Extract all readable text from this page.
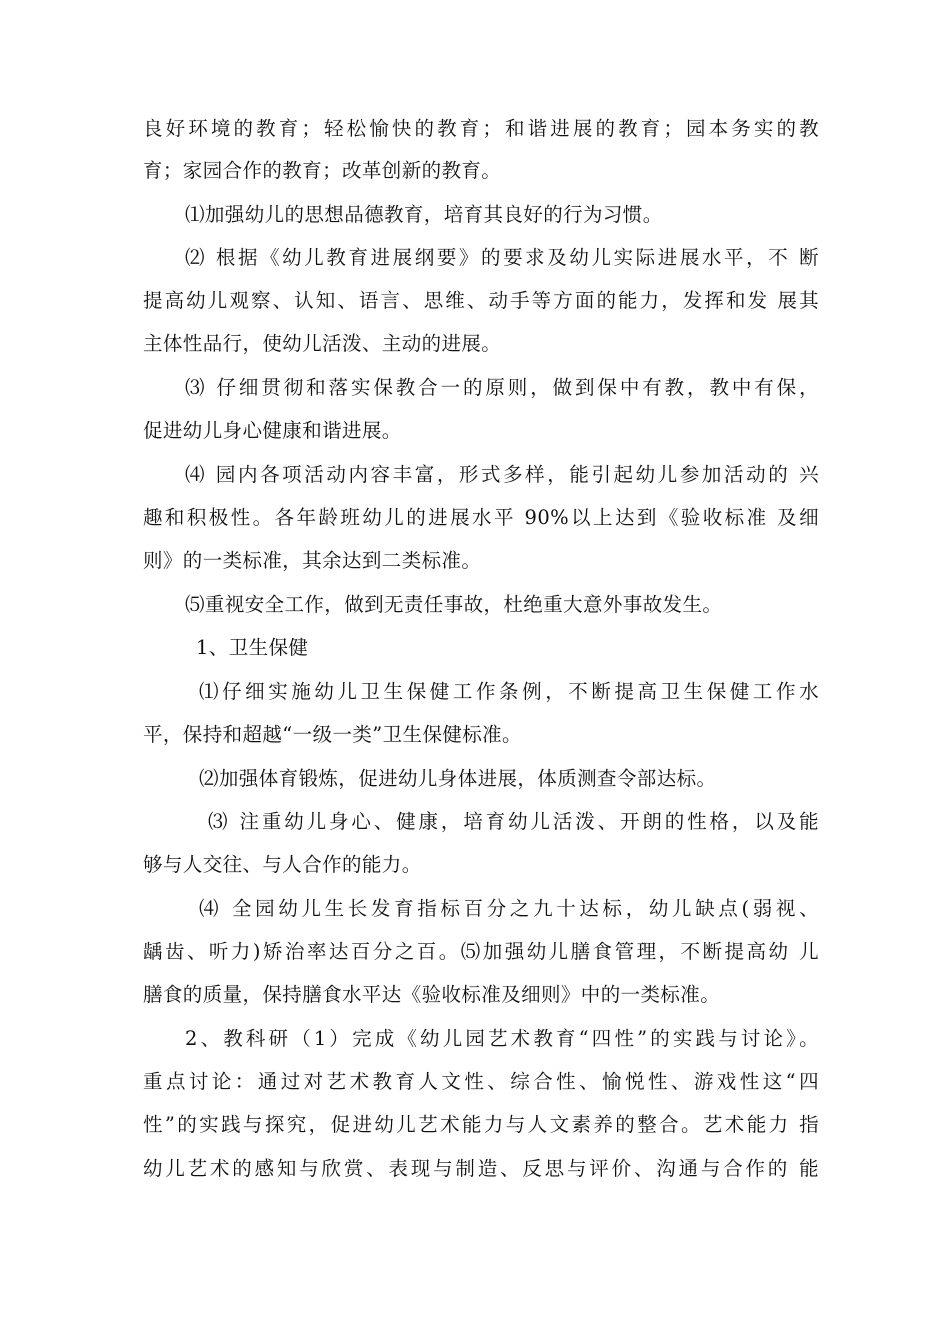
良好环境的教育；轻松愉快的教育；和谐进展的教育；园本务实的教
育；家园合作的教育；改革创新的教育。
⑴加强幼儿的思想品德教育，培育其良好的行为习惯。
⑵ 根据《幼儿教育进展纲要》的要求及幼儿实际进展水平，不 断
提高幼儿观察、认知、语言、思维、动手等方面的能力，发挥和发 展其
主体性品行，使幼儿活泼、主动的进展。
⑶ 仔细贯彻和落实保教合一的原则，做到保中有教，教中有保，
促进幼儿身心健康和谐进展。
⑷ 园内各项活动内容丰富，形式多样，能引起幼儿参加活动的 兴
趣和积极性。各年龄班幼儿的进展水平 90%以上达到《验收标准 及细
则》的一类标准，其余达到二类标准。
⑸重视安全工作，做到无责任事故，杜绝重大意外事故发生。
1、卫生保健
⑴仔细实施幼儿卫生保健工作条例，不断提高卫生保健工作水
平，保持和超越“一级一类”卫生保健标准。
⑵加强体育锻炼，促进幼儿身体进展，体质测查令部达标。
⑶ 注重幼儿身心、健康，培育幼儿活泼、开朗的性格，以及能
够与人交往、与人合作的能力。
⑷ 全园幼儿生长发育指标百分之九十达标，幼儿缺点(弱视、
龋齿、听力)矫治率达百分之百。⑸加强幼儿膳食管理，不断提高幼 儿
膳食的质量，保持膳食水平达《验收标准及细则》中的一类标准。
2、教科研（1）完成《幼儿园艺术教育“四性”的实践与讨论》。
重点讨论：通过对艺术教育人文性、综合性、愉悦性、游戏性这“四
性”的实践与探究，促进幼儿艺术能力与人文素养的整合。艺术能力 指
幼儿艺术的感知与欣赏、表现与制造、反思与评价、沟通与合作的 能
